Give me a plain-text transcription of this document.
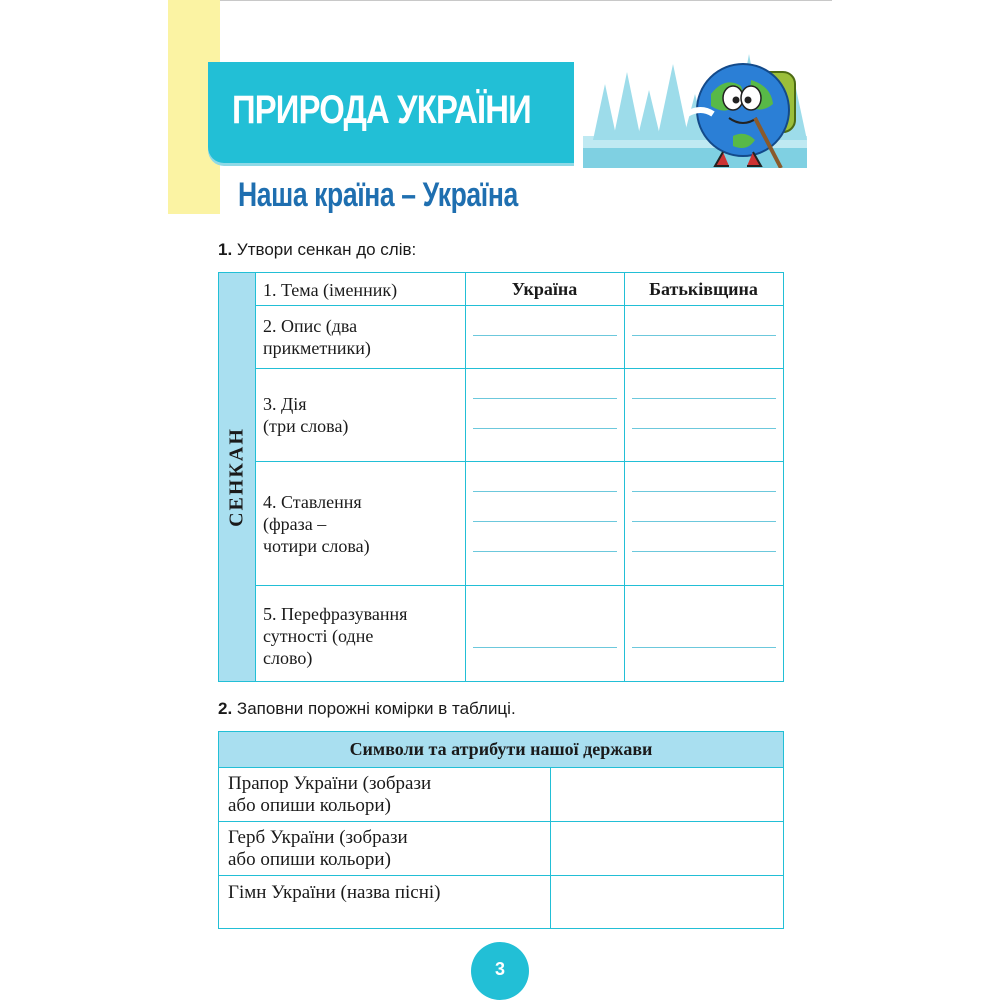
ПРИРОДА УКРАЇНИ
Наша країна – Україна
1. Утвори сенкан до слів:
СЕНКАН
Україна	Батьківщина
1. Тема (іменник)
2. Опис (два
прикметники)
3. Дія
(три слова)
4. Ставлення
(фраза –
чотири слова)
5. Перефразування
сутності (одне
слово)
2. Заповни порожні комірки в таблиці.
Символи та атрибути нашої держави
Прапор України (зобрази
або опиши кольори)
Герб України (зобрази
або опиши кольори)
Гімн України (назва пісні)
3
